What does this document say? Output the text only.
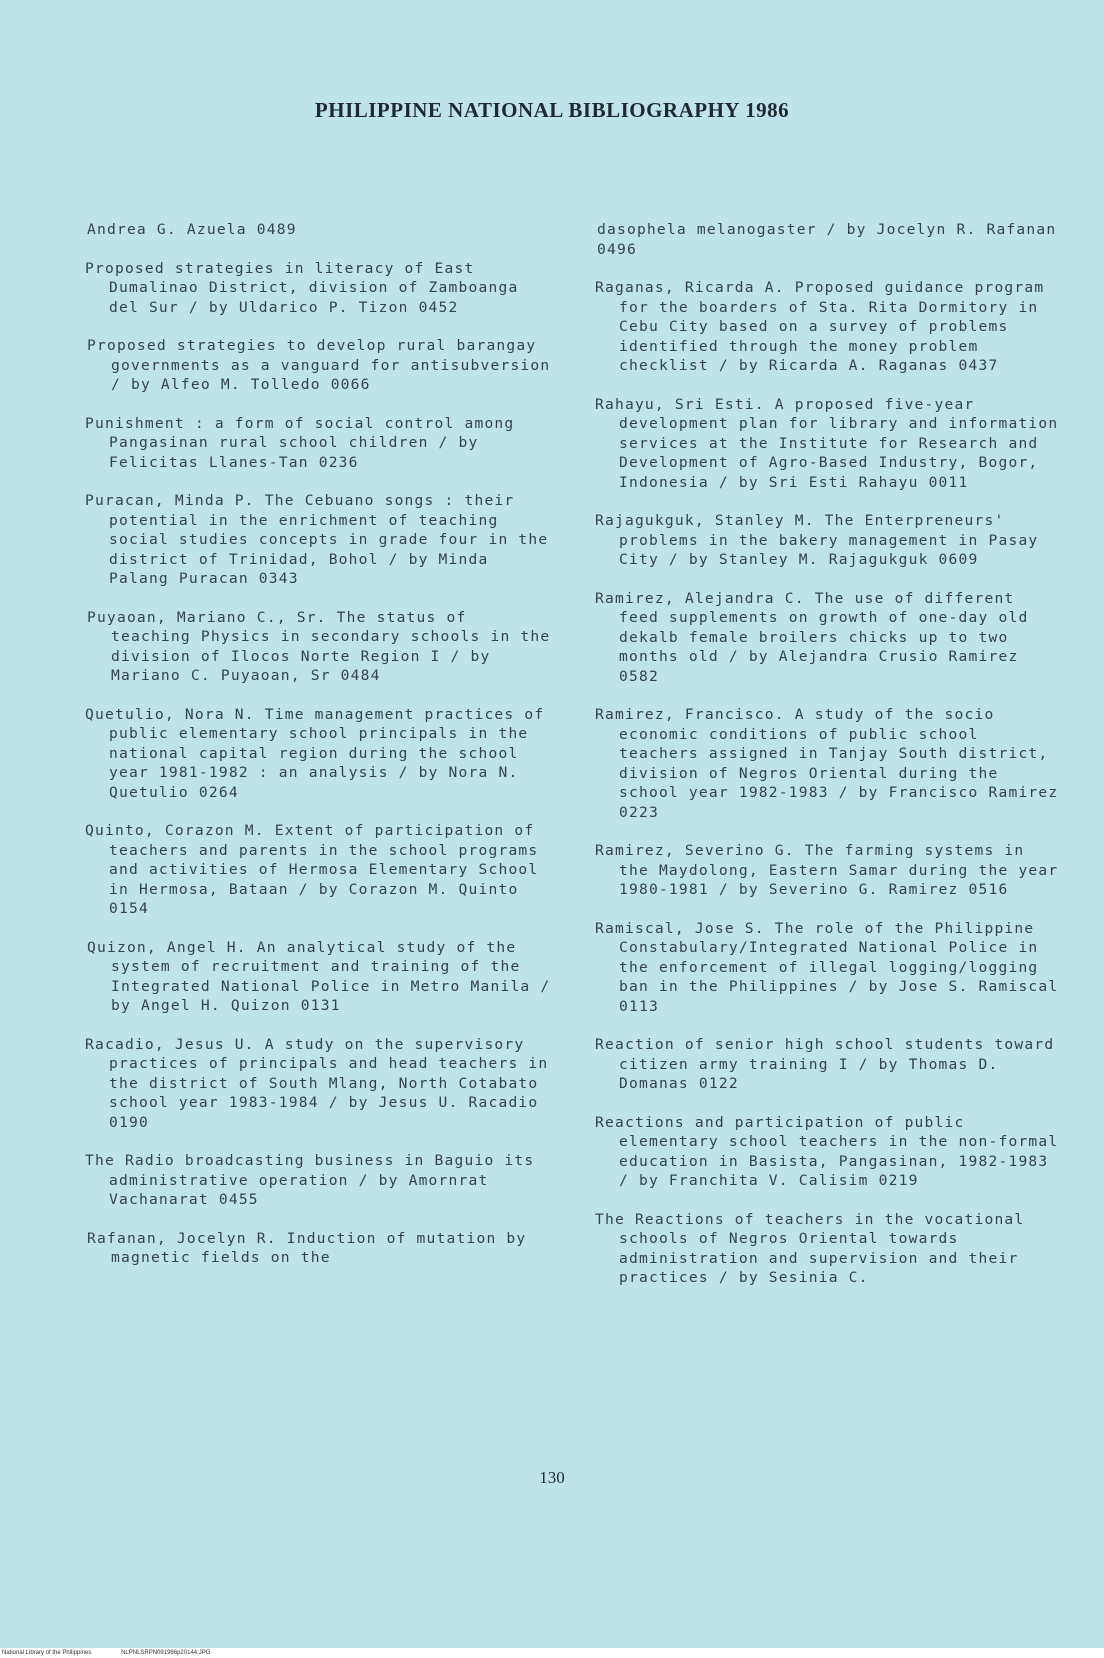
PHILIPPINE NATIONAL BIBLIOGRAPHY 1986
Andrea G. Azuela 0489
Proposed strategies in literacy of East Dumalinao District, division of Zamboanga del Sur / by Uldarico P. Tizon 0452
Proposed strategies to develop rural barangay governments as a vanguard for antisubversion / by Alfeo M. Tolledo 0066
Punishment : a form of social control among Pangasinan rural school children / by Felicitas Llanes-Tan 0236
Puracan, Minda P. The Cebuano songs : their potential in the enrichment of teaching social studies concepts in grade four in the district of Trinidad, Bohol / by Minda Palang Puracan 0343
Puyaoan, Mariano C., Sr. The status of teaching Physics in secondary schools in the division of Ilocos Norte Region I / by Mariano C. Puyaoan, Sr 0484
Quetulio, Nora N. Time management practices of public elementary school principals in the national capital region during the school year 1981-1982 : an analysis / by Nora N. Quetulio 0264
Quinto, Corazon M. Extent of participation of teachers and parents in the school programs and activities of Hermosa Elementary School in Hermosa, Bataan / by Corazon M. Quinto 0154
Quizon, Angel H. An analytical study of the system of recruitment and training of the Integrated National Police in Metro Manila / by Angel H. Quizon 0131
Racadio, Jesus U. A study on the supervisory practices of principals and head teachers in the district of South Mlang, North Cotabato school year 1983-1984 / by Jesus U. Racadio 0190
The Radio broadcasting business in Baguio its administrative operation / by Amornrat Vachanarat 0455
Rafanan, Jocelyn R. Induction of mutation by magnetic fields on the
dasophela melanogaster / by Jocelyn R. Rafanan 0496
Raganas, Ricarda A. Proposed guidance program for the boarders of Sta. Rita Dormitory in Cebu City based on a survey of problems identified through the money problem checklist / by Ricarda A. Raganas 0437
Rahayu, Sri Esti. A proposed five-year development plan for library and information services at the Institute for Research and Development of Agro-Based Industry, Bogor, Indonesia / by Sri Esti Rahayu 0011
Rajagukguk, Stanley M. The Enterpreneurs' problems in the bakery management in Pasay City / by Stanley M. Rajagukguk 0609
Ramirez, Alejandra C. The use of different feed supplements on growth of one-day old dekalb female broilers chicks up to two months old / by Alejandra Crusio Ramirez 0582
Ramirez, Francisco. A study of the socio economic conditions of public school teachers assigned in Tanjay South district, division of Negros Oriental during the school year 1982-1983 / by Francisco Ramirez 0223
Ramirez, Severino G. The farming systems in the Maydolong, Eastern Samar during the year 1980-1981 / by Severino G. Ramirez 0516
Ramiscal, Jose S. The role of the Philippine Constabulary/Integrated National Police in the enforcement of illegal logging/logging ban in the Philippines / by Jose S. Ramiscal 0113
Reaction of senior high school students toward citizen army training I / by Thomas D. Domanas 0122
Reactions and participation of public elementary school teachers in the non-formal education in Basista, Pangasinan, 1982-1983 / by Franchita V. Calisim 0219
The Reactions of teachers in the vocational schools of Negros Oriental towards administration and supervision and their practices / by Sesinia C.
130
National Library of the Philippines	NLPNLSRPN091986p20144.JPG
